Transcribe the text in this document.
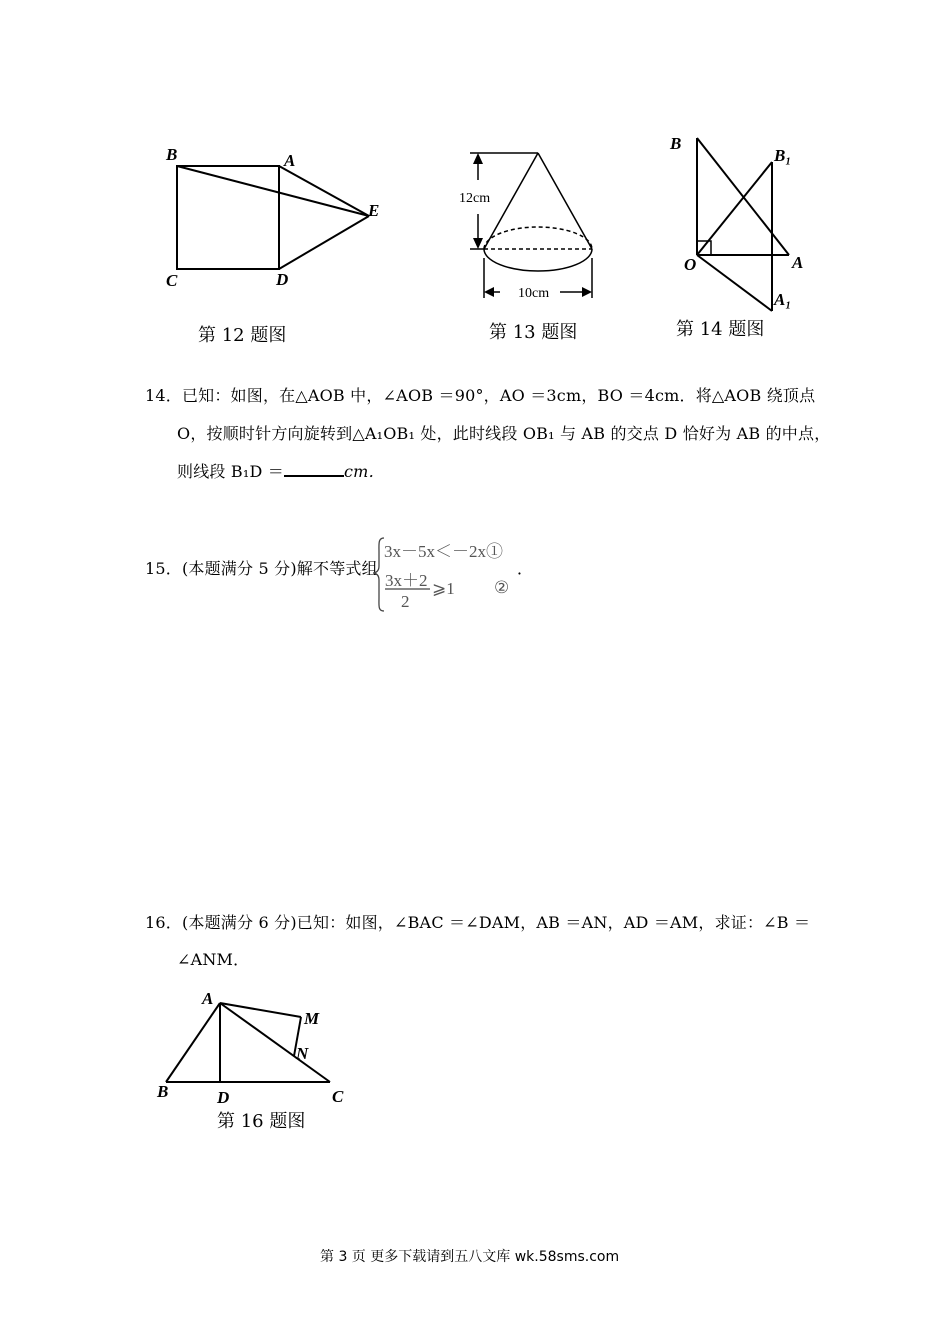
B	A
E
C	D
第 12 题图
12cm
10cm
第 13 题图
B
B₁
O	A
A₁
第 14 题图
14．已知：如图，在△AOB 中，∠AOB ＝90°，AO ＝3cm，BO ＝4cm．将△AOB 绕顶点
O，按顺时针方向旋转到△A₁OB₁ 处，此时线段 OB₁ 与 AB 的交点 D 恰好为 AB 的中点，
则线段 B₁D ＝	cm．
15．(本题满分 5 分)解不等式组
3x－5x＜－2x①
3x＋2
2
⩾1 ②
．
16．(本题满分 6 分)已知：如图，∠BAC ＝∠DAM，AB ＝AN，AD ＝AM，求证：∠B ＝
∠ANM．
A
M
N
B	D	C
第 16 题图
第 3 页 更多下载请到五八文库 wk.58sms.com
